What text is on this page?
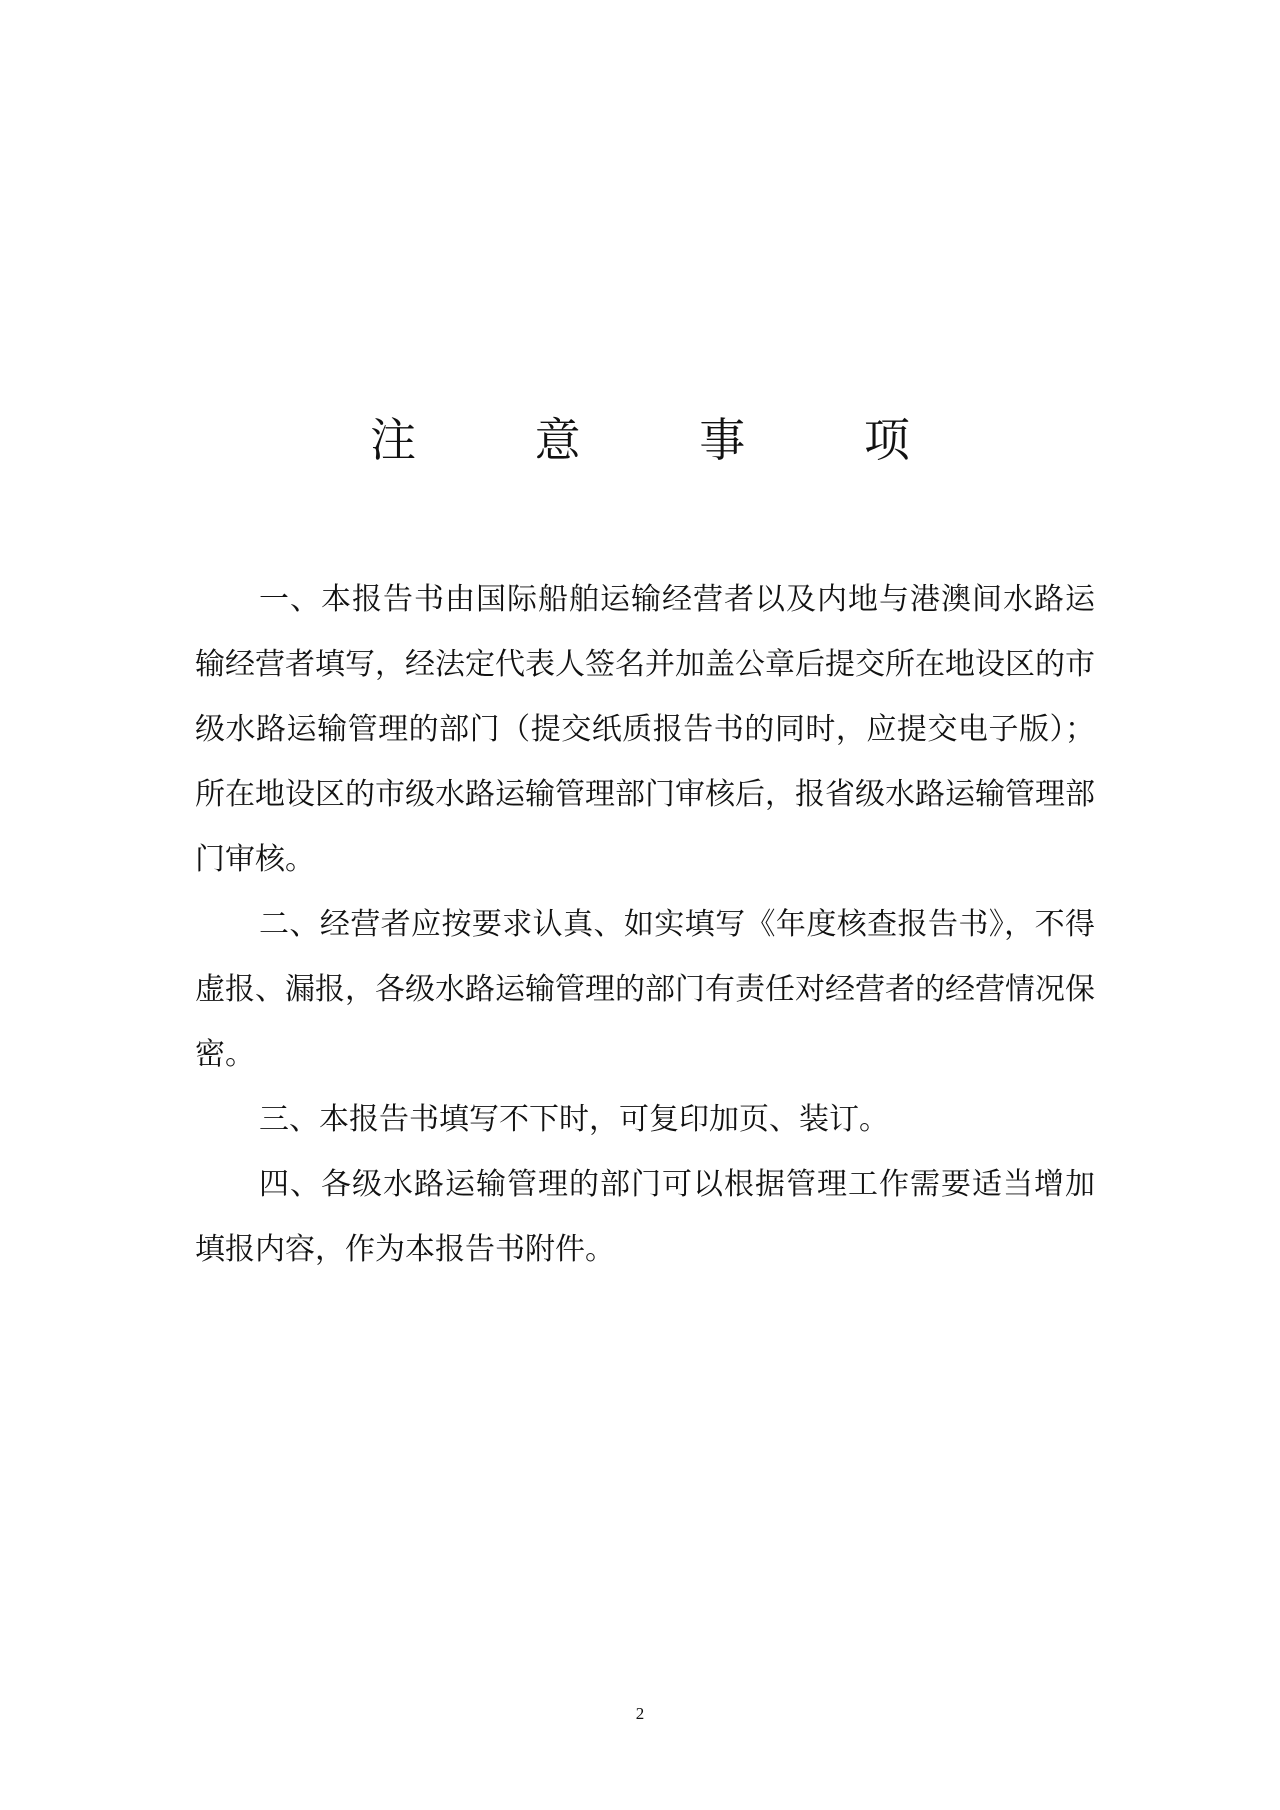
注 意 事 项

一、本报告书由国际船舶运输经营者以及内地与港澳间水路运输经营者填写，经法定代表人签名并加盖公章后提交所在地设区的市级水路运输管理的部门（提交纸质报告书的同时，应提交电子版）；所在地设区的市级水路运输管理部门审核后，报省级水路运输管理部门审核。

二、经营者应按要求认真、如实填写《年度核查报告书》，不得虚报、漏报，各级水路运输管理的部门有责任对经营者的经营情况保密。

三、本报告书填写不下时，可复印加页、装订。

四、各级水路运输管理的部门可以根据管理工作需要适当增加填报内容，作为本报告书附件。

2
